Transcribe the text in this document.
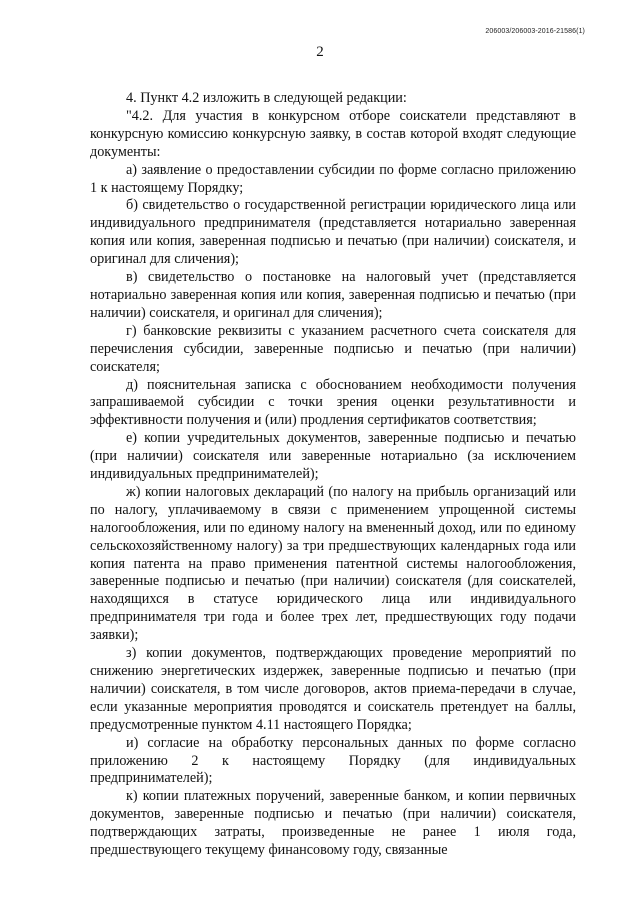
206003/206003-2016-21586(1)
2

4. Пункт 4.2 изложить в следующей редакции:

"4.2. Для участия в конкурсном отборе соискатели представляют в конкурсную комиссию конкурсную заявку, в состав которой входят следующие документы:

а) заявление о предоставлении субсидии по форме согласно приложению 1 к настоящему Порядку;

б) свидетельство о государственной регистрации юридического лица или индивидуального предпринимателя (представляется нотариально заверенная копия или копия, заверенная подписью и печатью (при наличии) соискателя, и оригинал для сличения);

в) свидетельство о постановке на налоговый учет (представляется нотариально заверенная копия или копия, заверенная подписью и печатью (при наличии) соискателя, и оригинал для сличения);

г) банковские реквизиты с указанием расчетного счета соискателя для перечисления субсидии, заверенные подписью и печатью (при наличии) соискателя;

д) пояснительная записка с обоснованием необходимости получения запрашиваемой субсидии с точки зрения оценки результативности и эффективности получения и (или) продления сертификатов соответствия;

е) копии учредительных документов, заверенные подписью и печатью (при наличии) соискателя или заверенные нотариально (за исключением индивидуальных предпринимателей);

ж) копии налоговых деклараций (по налогу на прибыль организаций или по налогу, уплачиваемому в связи с применением упрощенной системы налогообложения, или по единому налогу на вмененный доход, или по единому сельскохозяйственному налогу) за три предшествующих календарных года или копия патента на право применения патентной системы налогообложения, заверенные подписью и печатью (при наличии) соискателя (для соискателей, находящихся в статусе юридического лица или индивидуального предпринимателя три года и более трех лет, предшествующих году подачи заявки);

з) копии документов, подтверждающих проведение мероприятий по снижению энергетических издержек, заверенные подписью и печатью (при наличии) соискателя, в том числе договоров, актов приема-передачи в случае, если указанные мероприятия проводятся и соискатель претендует на баллы, предусмотренные пунктом 4.11 настоящего Порядка;

и) согласие на обработку персональных данных по форме согласно приложению 2 к настоящему Порядку (для индивидуальных предпринимателей);

к) копии платежных поручений, заверенные банком, и копии первичных документов, заверенные подписью и печатью (при наличии) соискателя, подтверждающих затраты, произведенные не ранее 1 июля года, предшествующего текущему финансовому году, связанные
